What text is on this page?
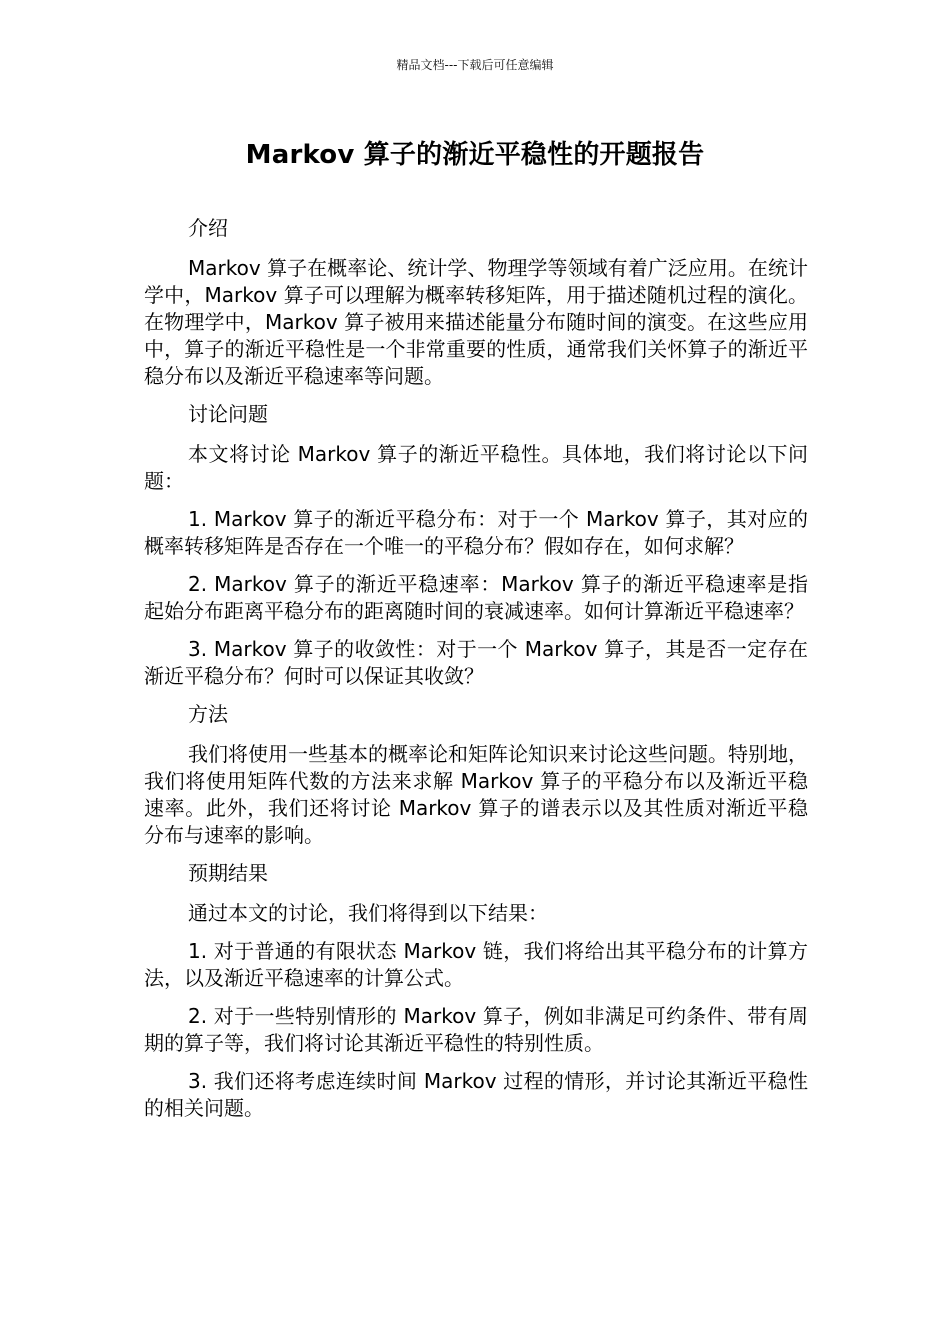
精品文档---下载后可任意编辑
Markov 算子的渐近平稳性的开题报告

介绍

Markov 算子在概率论、统计学、物理学等领域有着广泛应用。在统计学中，Markov 算子可以理解为概率转移矩阵，用于描述随机过程的演化。在物理学中，Markov 算子被用来描述能量分布随时间的演变。在这些应用中，算子的渐近平稳性是一个非常重要的性质，通常我们关怀算子的渐近平稳分布以及渐近平稳速率等问题。

讨论问题

本文将讨论 Markov 算子的渐近平稳性。具体地，我们将讨论以下问题：

1. Markov 算子的渐近平稳分布：对于一个 Markov 算子，其对应的概率转移矩阵是否存在一个唯一的平稳分布？假如存在，如何求解？

2. Markov 算子的渐近平稳速率：Markov 算子的渐近平稳速率是指起始分布距离平稳分布的距离随时间的衰减速率。如何计算渐近平稳速率？

3. Markov 算子的收敛性：对于一个 Markov 算子，其是否一定存在渐近平稳分布？何时可以保证其收敛？

方法

我们将使用一些基本的概率论和矩阵论知识来讨论这些问题。特别地，我们将使用矩阵代数的方法来求解 Markov 算子的平稳分布以及渐近平稳速率。此外，我们还将讨论 Markov 算子的谱表示以及其性质对渐近平稳分布与速率的影响。

预期结果

通过本文的讨论，我们将得到以下结果：

1. 对于普通的有限状态 Markov 链，我们将给出其平稳分布的计算方法，以及渐近平稳速率的计算公式。

2. 对于一些特别情形的 Markov 算子，例如非满足可约条件、带有周期的算子等，我们将讨论其渐近平稳性的特别性质。

3. 我们还将考虑连续时间 Markov 过程的情形，并讨论其渐近平稳性的相关问题。
